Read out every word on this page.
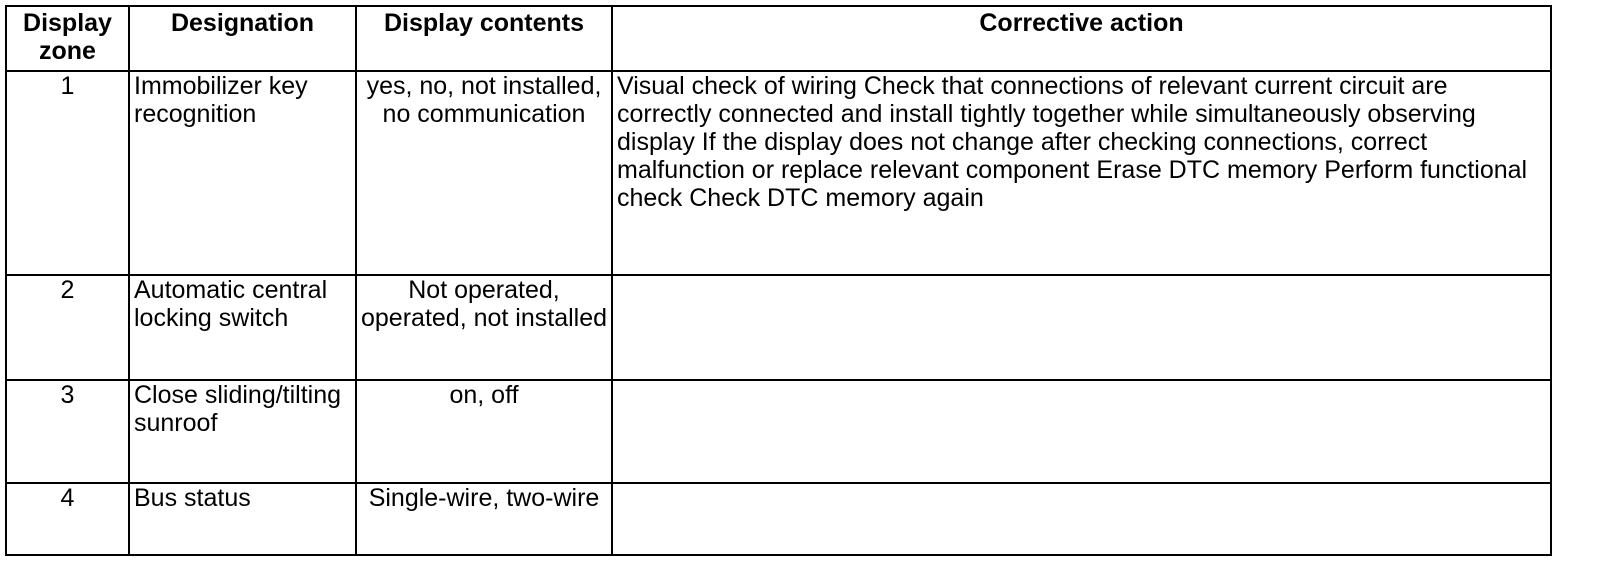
Display zone	Designation	Display contents	Corrective action
1	Immobilizer key recognition	yes, no, not installed, no communication	Visual check of wiring Check that connections of relevant current circuit are correctly connected and install tightly together while simultaneously observing display If the display does not change after checking connections, correct malfunction or replace relevant component Erase DTC memory Perform functional check Check DTC memory again
2	Automatic central locking switch	Not operated, operated, not installed	
3	Close sliding/tilting sunroof	on, off	
4	Bus status	Single-wire, two-wire	
